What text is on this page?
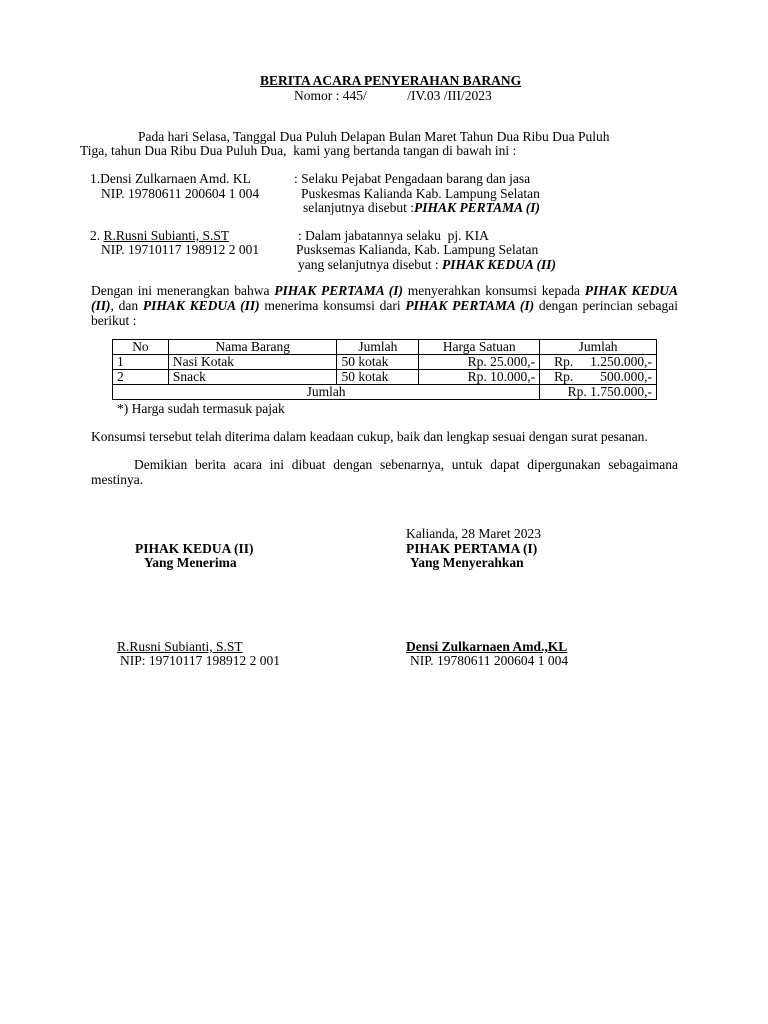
BERITA ACARA PENYERAHAN BARANG
Nomor : 445/            /IV.03 /III/2023
Pada hari Selasa, Tanggal Dua Puluh Delapan Bulan Maret Tahun Dua Ribu Dua Puluh
Tiga, tahun Dua Ribu Dua Puluh Dua,  kami yang bertanda tangan di bawah ini :
1.Densi Zulkarnaen Amd. KL
NIP. 19780611 200604 1 004
: Selaku Pejabat Pengadaan barang dan jasa
Puskesmas Kalianda Kab. Lampung Selatan
selanjutnya disebut :PIHAK PERTAMA (I)
2. R.Rusni Subianti, S.ST
NIP. 19710117 198912 2 001
: Dalam jabatannya selaku  pj. KIA
Pusksemas Kalianda, Kab. Lampung Selatan
yang selanjutnya disebut : PIHAK KEDUA (II)
Dengan ini menerangkan bahwa PIHAK PERTAMA (I) menyerahkan konsumsi kepada PIHAK KEDUA (II), dan PIHAK KEDUA (II) menerima konsumsi dari PIHAK PERTAMA (I) dengan perincian sebagai berikut :
No	Nama Barang	Jumlah	Harga Satuan	Jumlah
1	Nasi Kotak	50 kotak	Rp. 25.000,-	Rp. 1.250.000,-

2	Snack	50 kotak	Rp. 10.000,-	Rp. 500.000,-

Jumlah				Rp. 1.750.000,-
*) Harga sudah termasuk pajak
Konsumsi tersebut telah diterima dalam keadaan cukup, baik dan lengkap sesuai dengan surat pesanan.
Demikian berita acara ini dibuat dengan sebenarnya, untuk dapat dipergunakan sebagaimana mestinya.
Kalianda, 28 Maret 2023
PIHAK KEDUA (II)
Yang Menerima
R.Rusni Subianti, S.ST
NIP: 19710117 198912 2 001
PIHAK PERTAMA (I)
Yang Menyerahkan
Densi Zulkarnaen Amd.,KL
NIP. 19780611 200604 1 004
